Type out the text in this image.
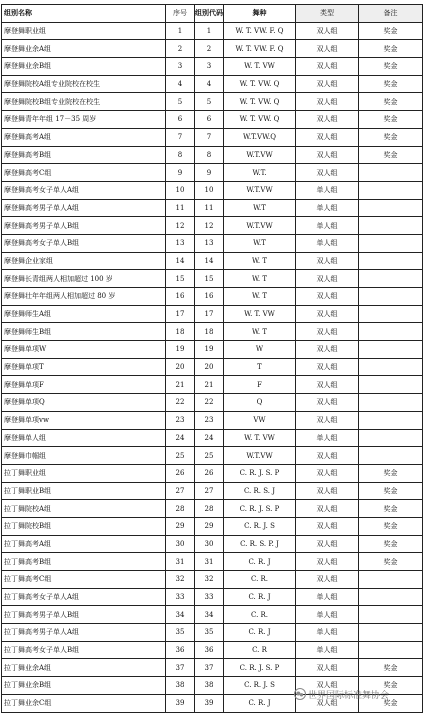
组别名称	序号	组别代码	舞种	类型	备注
摩登舞职业组	1	1	W. T. VW. F. Q	双人组	奖金
摩登舞业余A组	2	2	W. T. VW. F. Q	双人组	奖金
摩登舞业余B组	3	3	W. T. VW	双人组	奖金
摩登舞院校A组专业院校在校生	4	4	W. T. VW. Q	双人组	奖金
摩登舞院校B组专业院校在校生	5	5	W. T. VW. Q	双人组	奖金
摩登舞青年年组 17－35 周岁	6	6	W. T. VW. Q	双人组	奖金
摩登舞高考A组	7	7	W.T.VW.Q	双人组	奖金
摩登舞高考B组	8	8	W.T.VW	双人组	奖金
摩登舞高考C组	9	9	W.T.	双人组	
摩登舞高考女子单人A组	10	10	W.T.VW	单人组	
摩登舞高考男子单人A组	11	11	W.T	单人组	
摩登舞高考男子单人B组	12	12	W.T.VW	单人组	
摩登舞高考女子单人B组	13	13	W.T	单人组	
摩登舞企业家组	14	14	W. T	双人组	
摩登舞长青组两人相加超过 100 岁	15	15	W. T	双人组	
摩登舞壮年年组两人相加超过 80 岁	16	16	W. T	双人组	
摩登舞师生A组	17	17	W. T. VW	双人组	
摩登舞师生B组	18	18	W. T	双人组	
摩登舞单项W	19	19	W	双人组	
摩登舞单项T	20	20	T	双人组	
摩登舞单项F	21	21	F	双人组	
摩登舞单项Q	22	22	Q	双人组	
摩登舞单项vw	23	23	VW	双人组	
摩登舞单人组	24	24	W. T. VW	单人组	
摩登舞巾帼组	25	25	W.T.VW	双人组	
拉丁舞职业组	26	26	C. R. J. S. P	双人组	奖金
拉丁舞职业B组	27	27	C. R. S. J	双人组	奖金
拉丁舞院校A组	28	28	C. R. J. S. P	双人组	奖金
拉丁舞院校B组	29	29	C. R. J. S	双人组	奖金
拉丁舞高考A组	30	30	C. R. S. P. J	双人组	奖金
拉丁舞高考B组	31	31	C. R. J	双人组	奖金
拉丁舞高考C组	32	32	C. R.	双人组	
拉丁舞高考女子单人A组	33	33	C. R. J	单人组	
拉丁舞高考男子单人B组	34	34	C. R.	单人组	
拉丁舞高考男子单人A组	35	35	C. R. J	单人组	
拉丁舞高考女子单人B组	36	36	C. R	单人组	
拉丁舞业余A组	37	37	C. R. J. S. P	双人组	奖金
拉丁舞业余B组	38	38	C. R. J. S	双人组	奖金
拉丁舞业余C组	39	39	C. R. J	双人组	奖金
世界国际标准舞协会
